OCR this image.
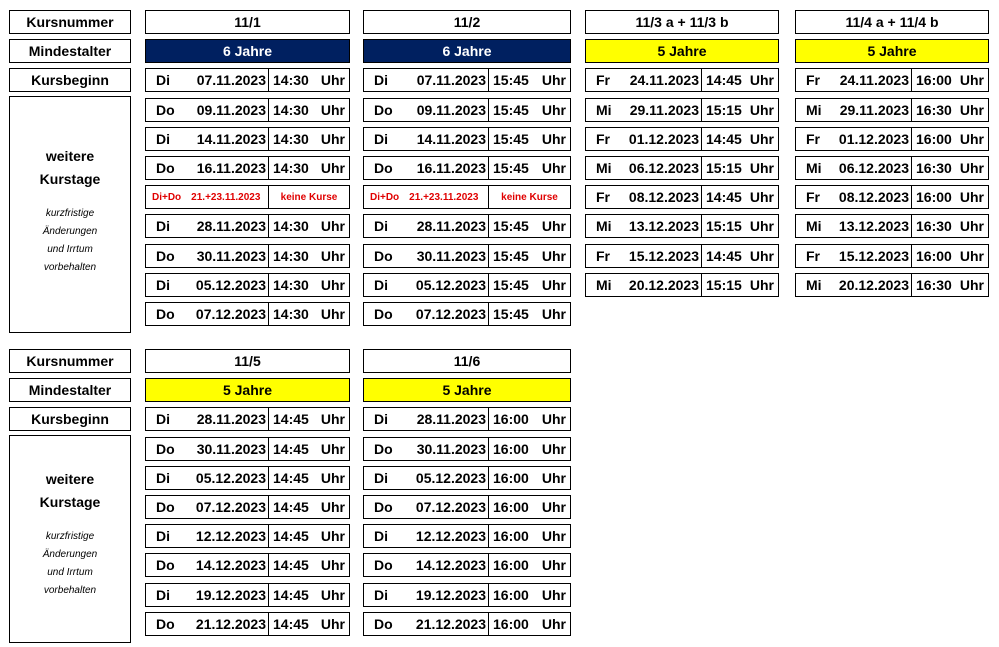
Kursnummer
Mindestalter
Kursbeginn
weitere
Kurstage
kurzfristige
Änderungen
und Irrtum
vorbehalten
11/1
6 Jahre
Di 07.11.2023 14:30 Uhr
Do 09.11.2023 14:30 Uhr
Di 14.11.2023 14:30 Uhr
Do 16.11.2023 14:30 Uhr
Di+Do 21.+23.11.2023 keine Kurse
Di 28.11.2023 14:30 Uhr
Do 30.11.2023 14:30 Uhr
Di 05.12.2023 14:30 Uhr
Do 07.12.2023 14:30 Uhr
11/2
6 Jahre
Di 07.11.2023 15:45 Uhr
Do 09.11.2023 15:45 Uhr
Di 14.11.2023 15:45 Uhr
Do 16.11.2023 15:45 Uhr
Di+Do 21.+23.11.2023 keine Kurse
Di 28.11.2023 15:45 Uhr
Do 30.11.2023 15:45 Uhr
Di 05.12.2023 15:45 Uhr
Do 07.12.2023 15:45 Uhr
11/3 a + 11/3 b
5 Jahre
Fr 24.11.2023 14:45 Uhr
Mi 29.11.2023 15:15 Uhr
Fr 01.12.2023 14:45 Uhr
Mi 06.12.2023 15:15 Uhr
Fr 08.12.2023 14:45 Uhr
Mi 13.12.2023 15:15 Uhr
Fr 15.12.2023 14:45 Uhr
Mi 20.12.2023 15:15 Uhr
11/4 a + 11/4 b
5 Jahre
Fr 24.11.2023 16:00 Uhr
Mi 29.11.2023 16:30 Uhr
Fr 01.12.2023 16:00 Uhr
Mi 06.12.2023 16:30 Uhr
Fr 08.12.2023 16:00 Uhr
Mi 13.12.2023 16:30 Uhr
Fr 15.12.2023 16:00 Uhr
Mi 20.12.2023 16:30 Uhr
Kursnummer
Mindestalter
Kursbeginn
weitere
Kurstage
kurzfristige
Änderungen
und Irrtum
vorbehalten
11/5
5 Jahre
Di 28.11.2023 14:45 Uhr
Do 30.11.2023 14:45 Uhr
Di 05.12.2023 14:45 Uhr
Do 07.12.2023 14:45 Uhr
Di 12.12.2023 14:45 Uhr
Do 14.12.2023 14:45 Uhr
Di 19.12.2023 14:45 Uhr
Do 21.12.2023 14:45 Uhr
11/6
5 Jahre
Di 28.11.2023 16:00 Uhr
Do 30.11.2023 16:00 Uhr
Di 05.12.2023 16:00 Uhr
Do 07.12.2023 16:00 Uhr
Di 12.12.2023 16:00 Uhr
Do 14.12.2023 16:00 Uhr
Di 19.12.2023 16:00 Uhr
Do 21.12.2023 16:00 Uhr
